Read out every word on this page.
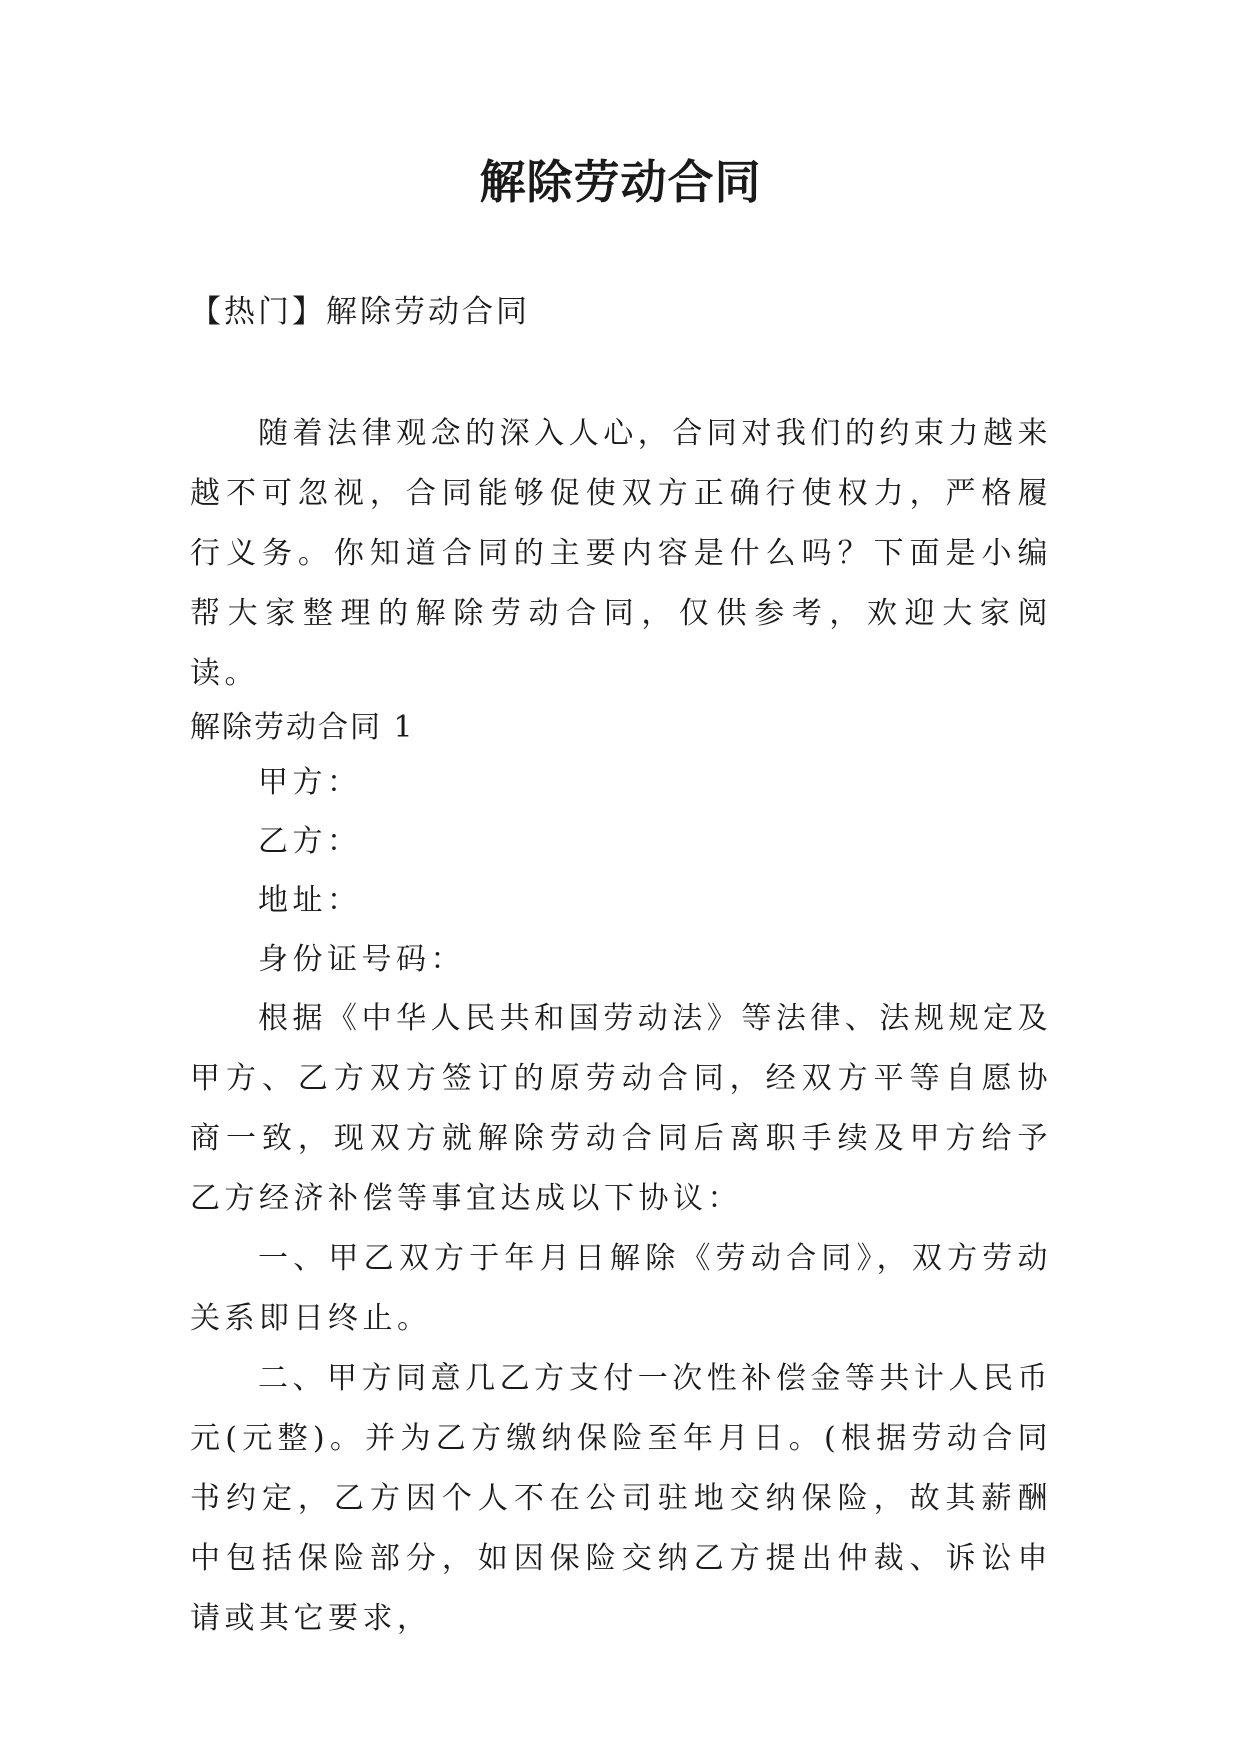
解除劳动合同
【热门】解除劳动合同
随着法律观念的深入人心，合同对我们的约束力越来越不可忽视，合同能够促使双方正确行使权力，严格履行义务。你知道合同的主要内容是什么吗？下面是小编帮大家整理的解除劳动合同，仅供参考，欢迎大家阅读。
解除劳动合同 1
甲方：
乙方：
地址：
身份证号码：

根据《中华人民共和国劳动法》等法律、法规规定及甲方、乙方双方签订的原劳动合同，经双方平等自愿协商一致，现双方就解除劳动合同后离职手续及甲方给予乙方经济补偿等事宜达成以下协议：

一、甲乙双方于年月日解除《劳动合同》，双方劳动关系即日终止。

二、甲方同意几乙方支付一次性补偿金等共计人民币元(元整)。并为乙方缴纳保险至年月日。(根据劳动合同书约定，乙方因个人不在公司驻地交纳保险，故其薪酬中包括保险部分，如因保险交纳乙方提出仲裁、诉讼申请或其它要求，
